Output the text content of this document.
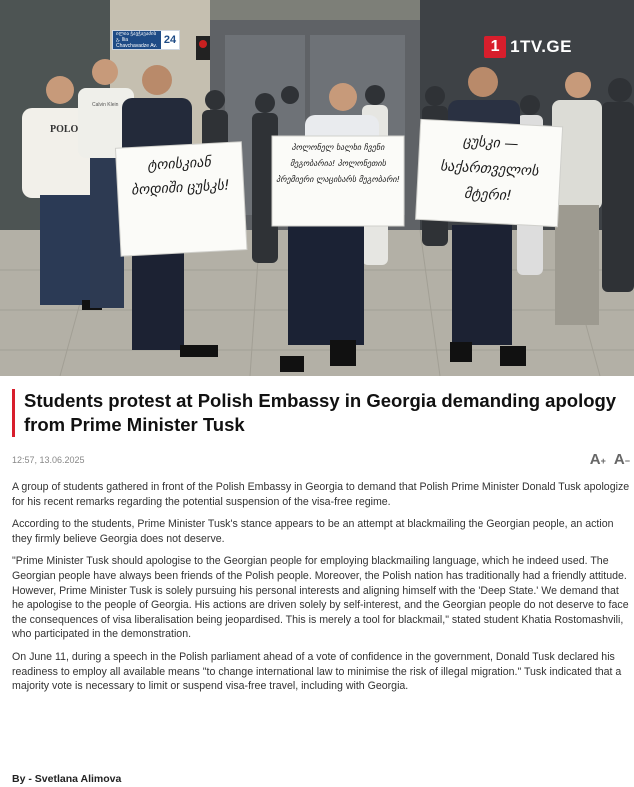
ილია ჭავჭავაძის გ. Ilia Chavchavadze Av. 24
ტოისკიან ბოდიში ცუსკს!
პოლონელ ხალხი ჩვენი მეგობარია! პოლონეთის პრემიერი ლაცისარს მეგობარი!
ცუსკი — საქართველოს მტერი!
POLO
Calvin Klein
1 1TV.GE
Students protest at Polish Embassy in Georgia demanding apology from Prime Minister Tusk
12:57, 13.06.2025	A+ A−

A group of students gathered in front of the Polish Embassy in Georgia to demand that Polish Prime Minister Donald Tusk apologize for his recent remarks regarding the potential suspension of the visa-free regime.

According to the students, Prime Minister Tusk's stance appears to be an attempt at blackmailing the Georgian people, an action they firmly believe Georgia does not deserve.

"Prime Minister Tusk should apologise to the Georgian people for employing blackmailing language, which he indeed used. The Georgian people have always been friends of the Polish people. Moreover, the Polish nation has traditionally had a friendly attitude. However, Prime Minister Tusk is solely pursuing his personal interests and aligning himself with the 'Deep State.' We demand that he apologise to the people of Georgia. His actions are driven solely by self-interest, and the Georgian people do not deserve to face the consequences of visa liberalisation being jeopardised. This is merely a tool for blackmail," stated student Khatia Rostomashvili, who participated in the demonstration.

On June 11, during a speech in the Polish parliament ahead of a vote of confidence in the government, Donald Tusk declared his readiness to employ all available means "to change international law to minimise the risk of illegal migration." Tusk indicated that a majority vote is necessary to limit or suspend visa-free travel, including with Georgia.

By - Svetlana Alimova
